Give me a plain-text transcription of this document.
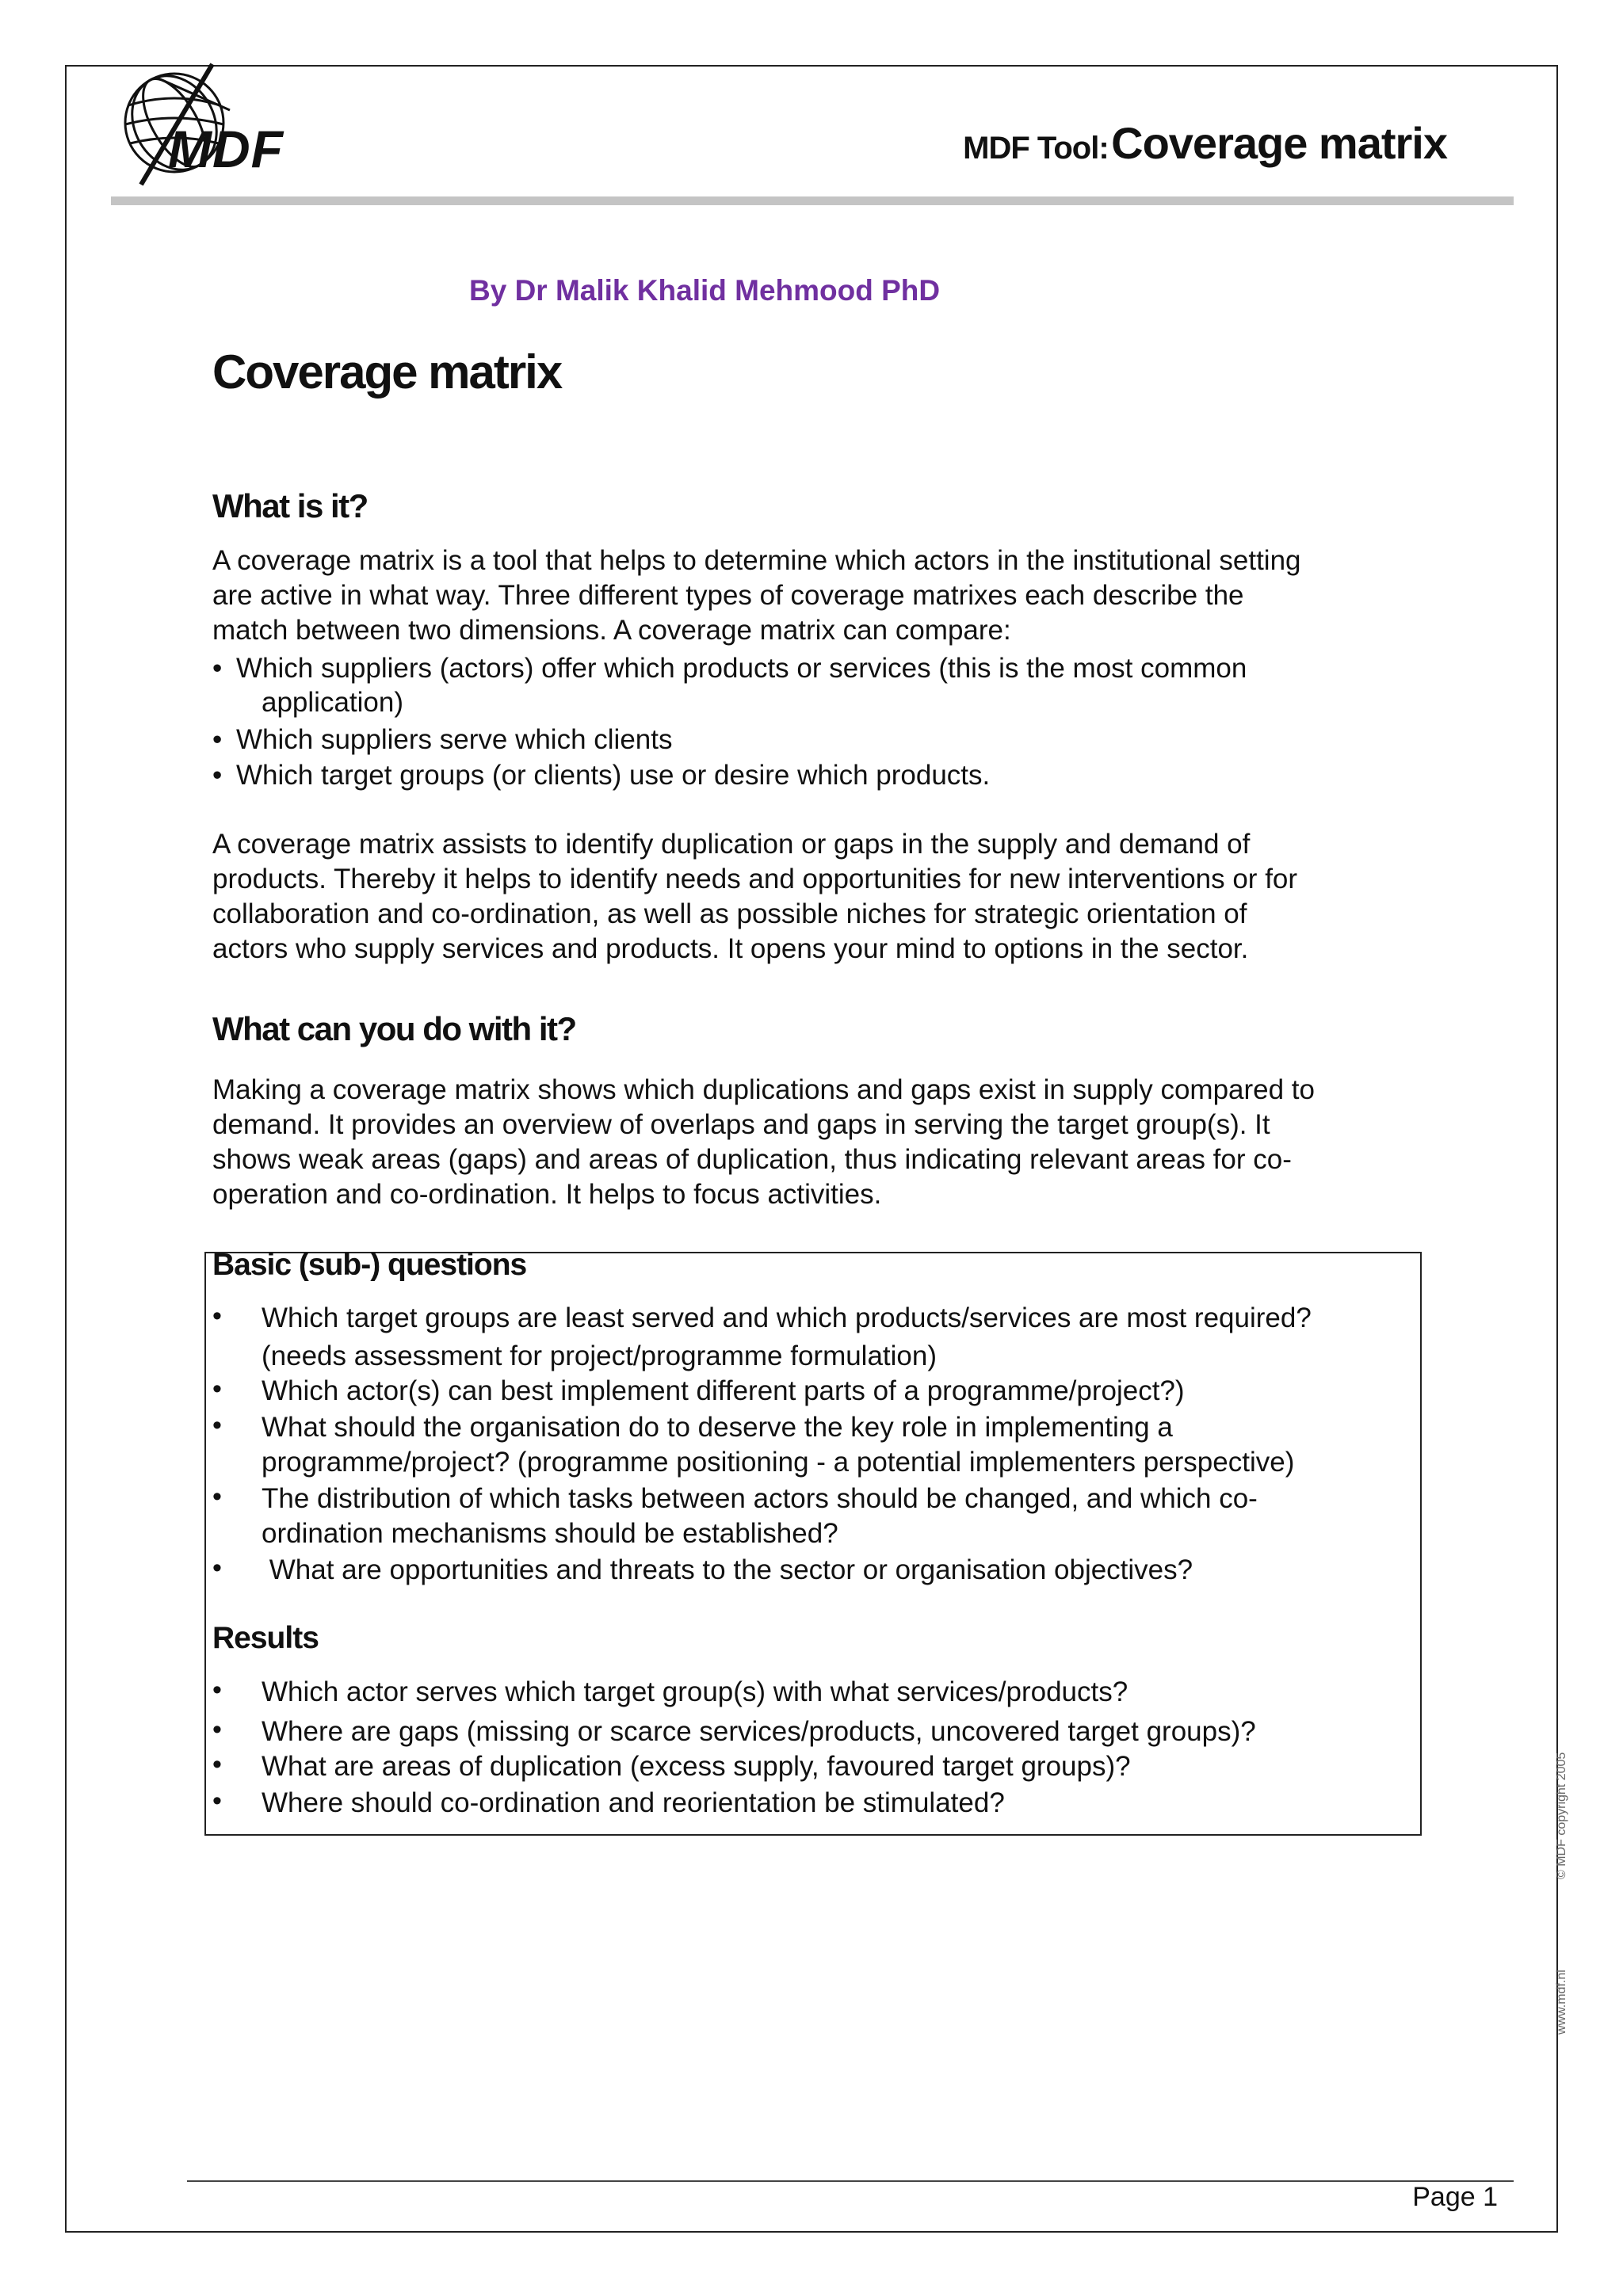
MDF	MDF Tool: Coverage matrix
By Dr Malik Khalid Mehmood PhD
Coverage matrix
What is it?
A coverage matrix is a tool that helps to determine which actors in the institutional setting
are active in what way. Three different types of coverage matrixes each describe the
match between two dimensions. A coverage matrix can compare:
• Which suppliers (actors) offer which products or services (this is the most common
application)
• Which suppliers serve which clients
• Which target groups (or clients) use or desire which products.
A coverage matrix assists to identify duplication or gaps in the supply and demand of
products. Thereby it helps to identify needs and opportunities for new interventions or for
collaboration and co-ordination, as well as possible niches for strategic orientation of
actors who supply services and products. It opens your mind to options in the sector.
What can you do with it?
Making a coverage matrix shows which duplications and gaps exist in supply compared to
demand. It provides an overview of overlaps and gaps in serving the target group(s). It
shows weak areas (gaps) and areas of duplication, thus indicating relevant areas for co-
operation and co-ordination. It helps to focus activities.
Basic (sub-) questions
• Which target groups are least served and which products/services are most required?
(needs assessment for project/programme formulation)
• Which actor(s) can best implement different parts of a programme/project?)
• What should the organisation do to deserve the key role in implementing a
programme/project? (programme positioning - a potential implementers perspective)
• The distribution of which tasks between actors should be changed, and which co-
ordination mechanisms should be established?
• What are opportunities and threats to the sector or organisation objectives?
Results
• Which actor serves which target group(s) with what services/products?
• Where are gaps (missing or scarce services/products, uncovered target groups)?
• What are areas of duplication (excess supply, favoured target groups)?
• Where should co-ordination and reorientation be stimulated?	© MDF copyright 2005
www.mdf.nl
Page 1
